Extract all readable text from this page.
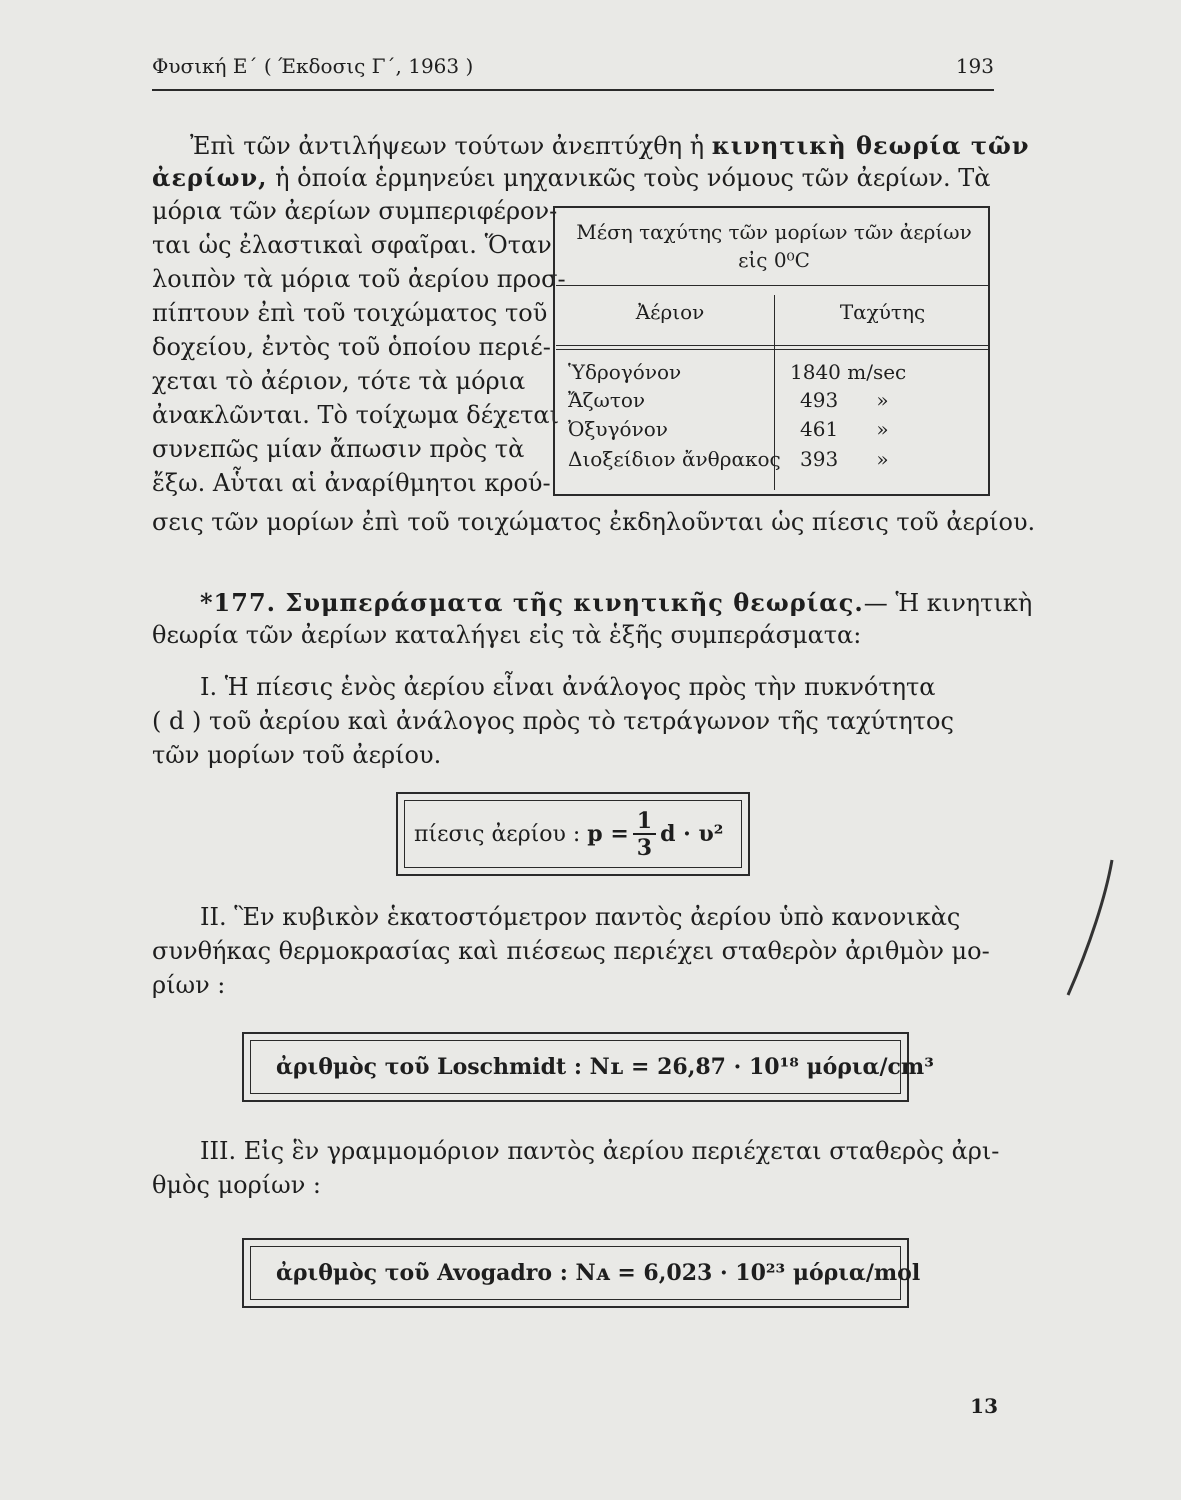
Φυσική Ε΄ ( Έκδοσις Γ΄, 1963 )	193
Ἐπὶ τῶν ἀντιλήψεων τούτων ἀνεπτύχθη ἡ κινητικὴ θεωρία τῶν
ἀερίων, ἡ ὁποία ἑρμηνεύει μηχανικῶς τοὺς νόμους τῶν ἀερίων. Τὰ
μόρια τῶν ἀερίων συμπεριφέρον-
ται ὡς ἐλαστικαὶ σφαῖραι. Ὅταν
λοιπὸν τὰ μόρια τοῦ ἀερίου προσ-
πίπτουν ἐπὶ τοῦ τοιχώματος τοῦ
δοχείου, ἐντὸς τοῦ ὁποίου περιέ-
χεται τὸ ἀέριον, τότε τὰ μόρια
ἀνακλῶνται. Τὸ τοίχωμα δέχεται
συνεπῶς μίαν ἄπωσιν πρὸς τὰ
ἔξω. Αὗται αἱ ἀναρίθμητοι κρού-
σεις τῶν μορίων ἐπὶ τοῦ τοιχώματος ἐκδηλοῦνται ὡς πίεσις τοῦ ἀερίου.
Μέση ταχύτης τῶν μορίων τῶν ἀερίων
εἰς 0⁰C
Ἀέριον	Ταχύτης
Ὑδρογόνον	1840 m/sec
Ἄζωτον	493      »
Ὀξυγόνον	461      »
Διοξείδιον ἄνθρακος 393      »
*177. Συμπεράσματα τῆς κινητικῆς θεωρίας.— Ἡ κινητικὴ
θεωρία τῶν ἀερίων καταλήγει εἰς τὰ ἑξῆς συμπεράσματα:
I. Ἡ πίεσις ἑνὸς ἀερίου εἶναι ἀνάλογος πρὸς τὴν πυκνότητα
( d ) τοῦ ἀερίου καὶ ἀνάλογος πρὸς τὸ τετράγωνον τῆς ταχύτητος
τῶν μορίων τοῦ ἀερίου.
πίεσις ἀερίου : $p = \frac{1}{3}$ d · υ²
II. Ἓν κυβικὸν ἑκατοστόμετρον παντὸς ἀερίου ὑπὸ κανονικὰς
συνθήκας θερμοκρασίας καὶ πιέσεως περιέχει σταθερὸν ἀριθμὸν μο-
ρίων :
ἀριθμὸς τοῦ Loschmidt : Nʟ = 26,87 · 10¹⁸ μόρια/cm³
III. Εἰς ἓν γραμμομόριον παντὸς ἀερίου περιέχεται σταθερὸς ἀρι-
θμὸς μορίων :
ἀριθμὸς τοῦ Avogadro : Nᴀ = 6,023 · 10²³ μόρια/mol
13
